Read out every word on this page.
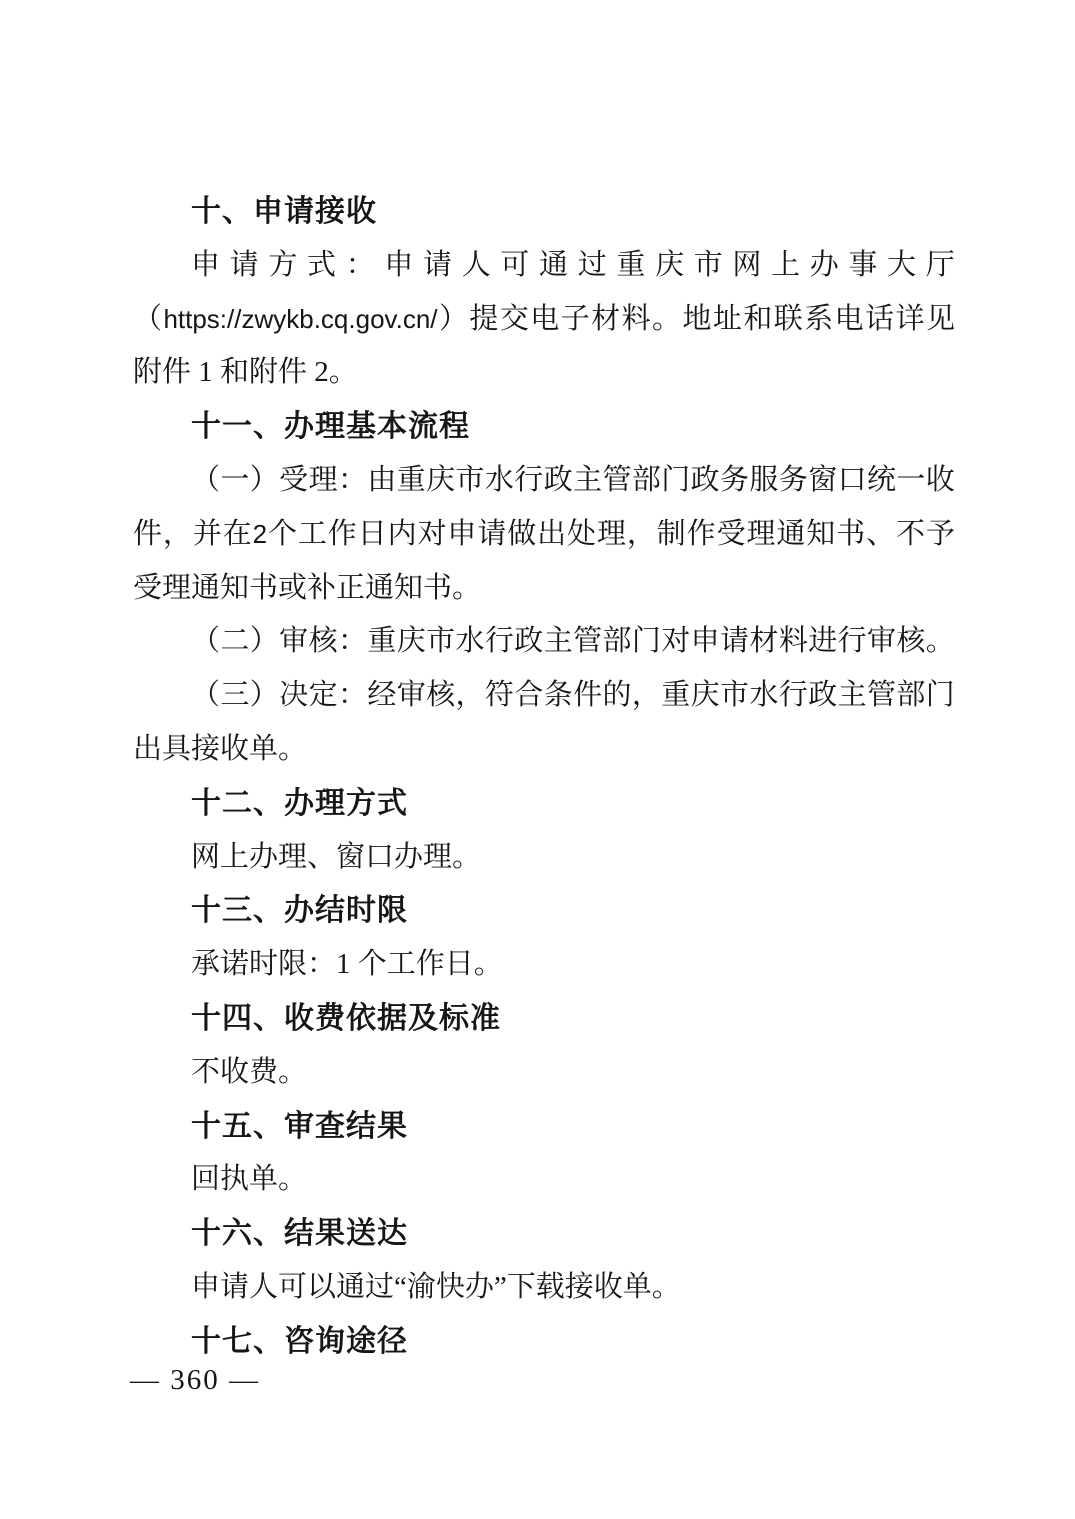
十、申请接收
申 请 方 式 ： 申 请 人 可 通 过 重 庆 市 网 上 办 事 大 厅
（ https://zwykb.cq.gov.cn/ ） 提 交 电 子 材 料 。 地 址 和 联 系 电 话 详 见
附件 1 和附件 2。
十一、办理基本流程
（ 一 ） 受 理 ： 由 重 庆 市 水 行 政 主 管 部 门 政 务 服 务 窗 口 统 一 收
件 ， 并 在 2 个 工 作 日 内 对 申 请 做 出 处 理 ， 制 作 受 理 通 知 书 、 不 予
受理通知书或补正通知书。
（ 二 ） 审 核 ： 重 庆 市 水 行 政 主 管 部 门 对 申 请 材 料 进 行 审 核 。
（ 三 ） 决 定 ： 经 审 核 ， 符 合 条 件 的 ， 重 庆 市 水 行 政 主 管 部 门
出具接收单。
十二、办理方式
网上办理、窗口办理。
十三、办结时限
承诺时限：1 个工作日。
十四、收费依据及标准
不收费。
十五、审查结果
回执单。
十六、结果送达
申请人可以通过“渝快办”下载接收单。
十七、咨询途径
— 360 —
